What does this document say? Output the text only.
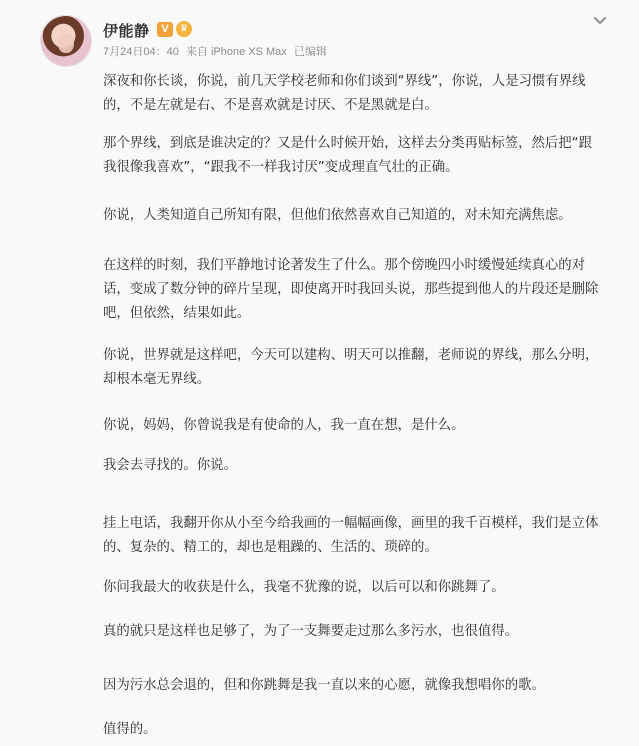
伊能静	V	♛
7月24日04：40 来自 iPhone XS Max 已编辑

深夜和你长谈，你说，前几天学校老师和你们谈到“界线”，你说，人是习惯有界线的，不是左就是右、不是喜欢就是讨厌、不是黑就是白。

那个界线，到底是谁决定的？又是什么时候开始，这样去分类再贴标签，然后把“跟我很像我喜欢”，“跟我不一样我讨厌”变成理直气壮的正确。

你说，人类知道自己所知有限，但他们依然喜欢自己知道的，对未知充满焦虑。

在这样的时刻，我们平静地讨论著发生了什么。那个傍晚四小时缓慢延续真心的对话，变成了数分钟的碎片呈现，即使离开时我回头说，那些提到他人的片段还是删除吧，但依然，结果如此。

你说，世界就是这样吧，今天可以建构、明天可以推翻，老师说的界线，那么分明，却根本毫无界线。

你说，妈妈，你曾说我是有使命的人，我一直在想，是什么。

我会去寻找的。你说。

挂上电话，我翻开你从小至今给我画的一幅幅画像，画里的我千百模样，我们是立体的、复杂的、精工的，却也是粗躁的、生活的、琐碎的。

你问我最大的收获是什么，我毫不犹豫的说，以后可以和你跳舞了。

真的就只是这样也足够了，为了一支舞要走过那么多污水，也很值得。

因为污水总会退的，但和你跳舞是我一直以来的心愿，就像我想唱你的歌。

值得的。
